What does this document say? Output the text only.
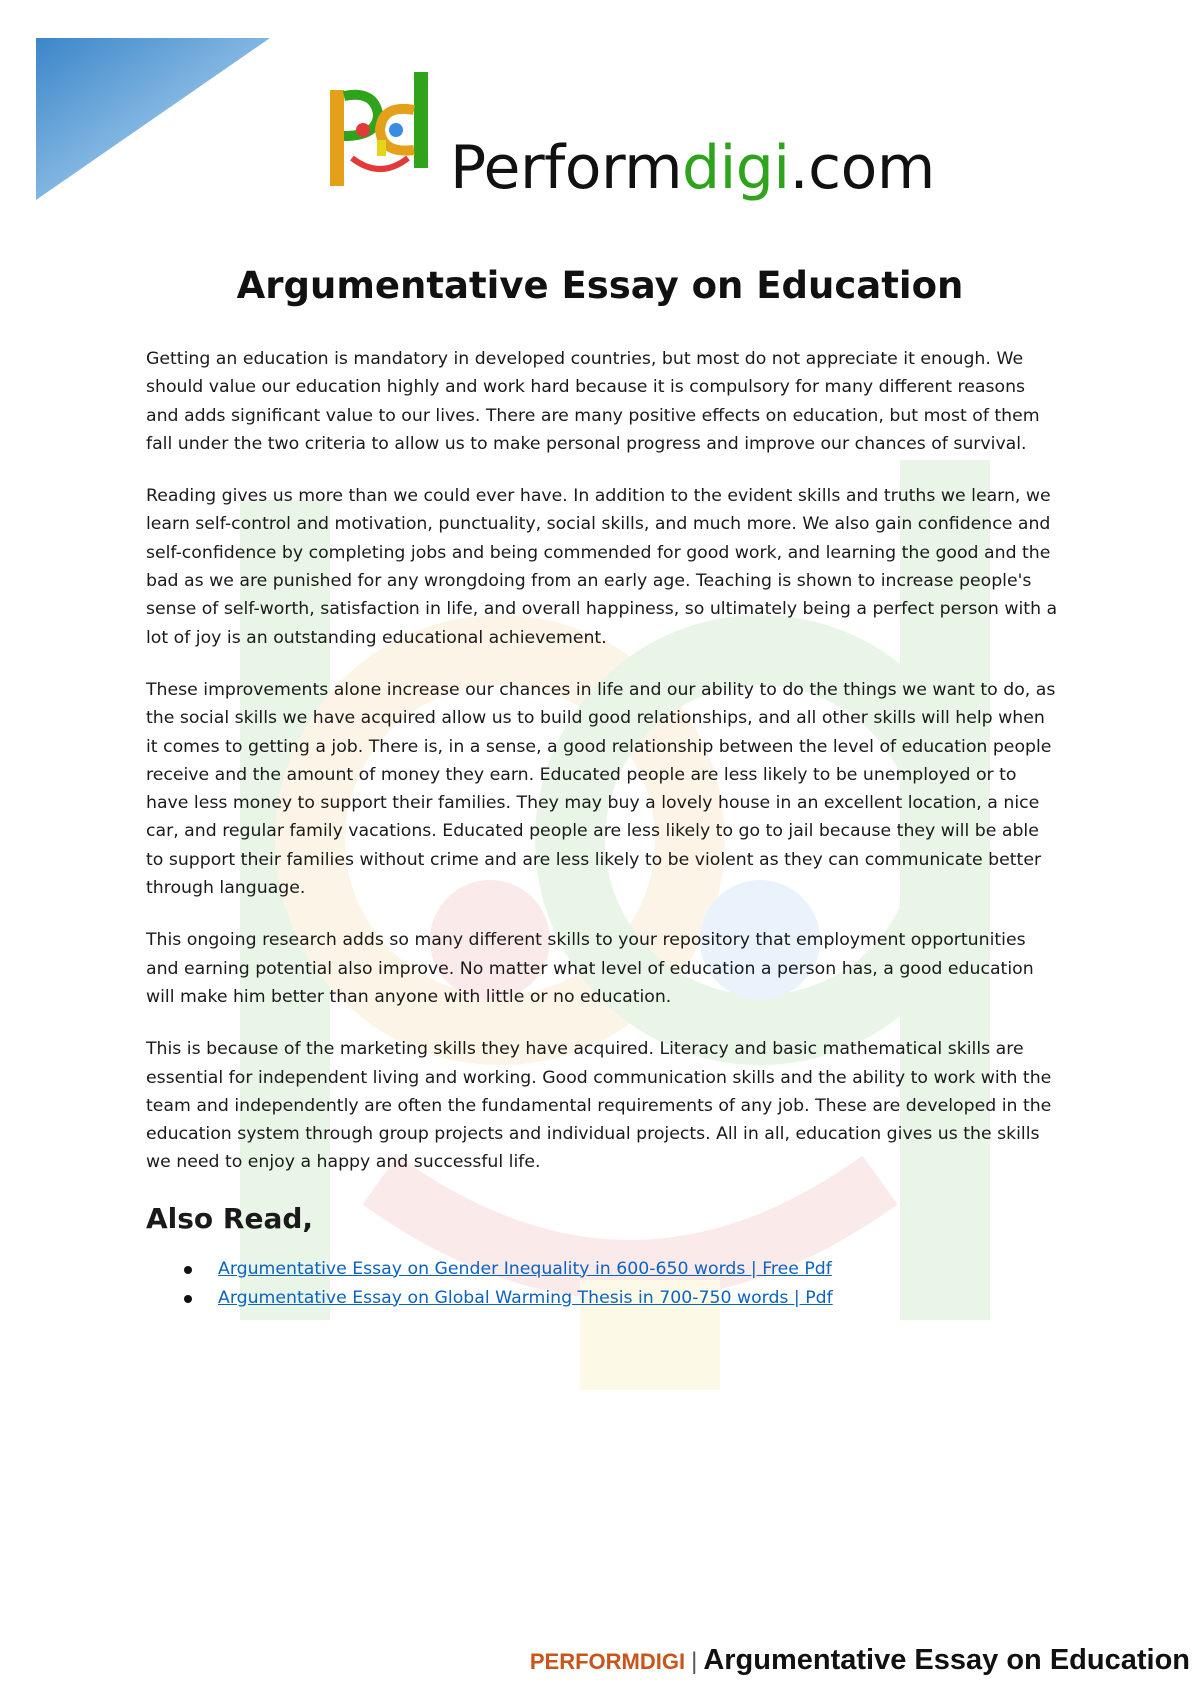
Performdigi.com
Argumentative Essay on Education

Getting an education is mandatory in developed countries, but most do not appreciate it enough. We should value our education highly and work hard because it is compulsory for many different reasons and adds significant value to our lives. There are many positive effects on education, but most of them fall under the two criteria to allow us to make personal progress and improve our chances of survival.

Reading gives us more than we could ever have. In addition to the evident skills and truths we learn, we learn self-control and motivation, punctuality, social skills, and much more. We also gain confidence and self-confidence by completing jobs and being commended for good work, and learning the good and the bad as we are punished for any wrongdoing from an early age. Teaching is shown to increase people's sense of self-worth, satisfaction in life, and overall happiness, so ultimately being a perfect person with a lot of joy is an outstanding educational achievement.

These improvements alone increase our chances in life and our ability to do the things we want to do, as the social skills we have acquired allow us to build good relationships, and all other skills will help when it comes to getting a job. There is, in a sense, a good relationship between the level of education people receive and the amount of money they earn. Educated people are less likely to be unemployed or to have less money to support their families. They may buy a lovely house in an excellent location, a nice car, and regular family vacations. Educated people are less likely to go to jail because they will be able to support their families without crime and are less likely to be violent as they can communicate better through language.

This ongoing research adds so many different skills to your repository that employment opportunities and earning potential also improve. No matter what level of education a person has, a good education will make him better than anyone with little or no education.

This is because of the marketing skills they have acquired. Literacy and basic mathematical skills are essential for independent living and working. Good communication skills and the ability to work with the team and independently are often the fundamental requirements of any job. These are developed in the education system through group projects and individual projects. All in all, education gives us the skills we need to enjoy a happy and successful life.

Also Read,
Argumentative Essay on Gender Inequality in 600-650 words | Free Pdf
Argumentative Essay on Global Warming Thesis in 700-750 words | Pdf
PERFORMDIGI | Argumentative Essay on Education
